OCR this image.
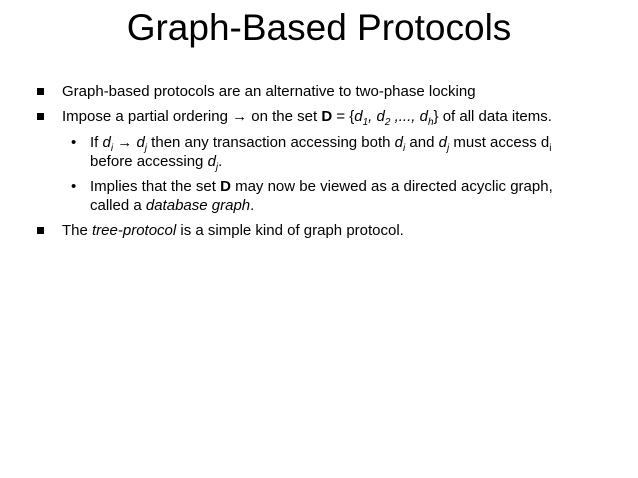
Graph-Based Protocols
Graph-based protocols are an alternative to two-phase locking
Impose a partial ordering → on the set $D = \{d_1$, $d_2$ ,..., $d_h$} of all data items.
• If $d_i \to d_j$ then any transaction accessing both $d_i$ and $d_j$ must access $d_i$
before accessing $d_j$.
• Implies that the set D may now be viewed as a directed acyclic graph,
called a database graph.
The tree-protocol is a simple kind of graph protocol.
